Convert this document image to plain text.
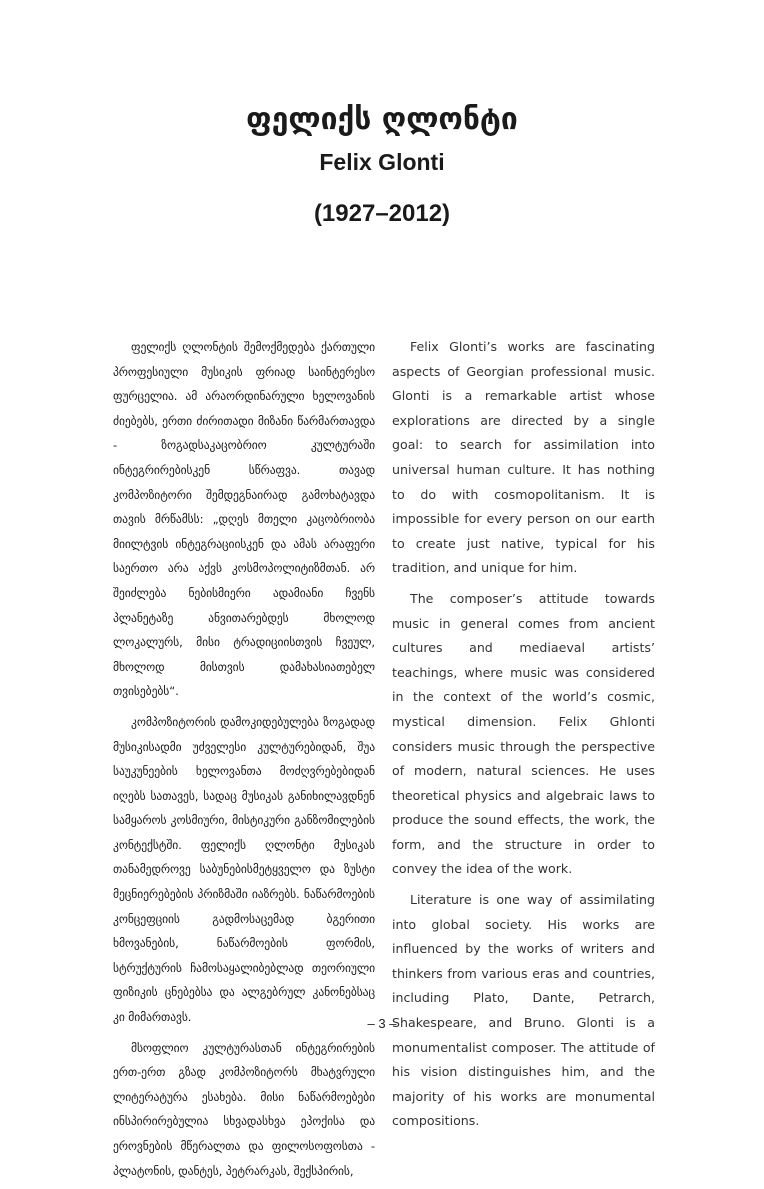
ფელიქს ღლონტი
Felix Glonti
(1927–2012)

ფელიქს ღლონტის შემოქმედება ქართული პროფესიული მუსიკის ფრიად საინტერესო ფურცელია. ამ არაორდინარული ხელოვანის ძიებებს, ერთი ძირითადი მიზანი წარმართავდა - ზოგადსაკაცობრიო კულტურაში ინტეგრირებისკენ სწრაფვა. თავად კომპოზიტორი შემდეგნაირად გამოხატავდა თავის მრწამსს: „დღეს მთელი კაცობრიობა მიილტვის ინტეგრაციისკენ და ამას არაფერი საერთო არა აქვს კოსმოპოლიტიზმთან. არ შეიძლება ნებისმიერი ადამიანი ჩვენს პლანეტაზე ანვითარებდეს მხოლოდ ლოკალურს, მისი ტრადიციისთვის ჩვეულ, მხოლოდ მისთვის დამახასიათებელ თვისებებს“.

კომპოზიტორის დამოკიდებულება ზოგადად მუსიკისადმი უძველესი კულტურებიდან, შუა საუკუნეების ხელოვანთა მოძღვრებებიდან იღებს სათავეს, სადაც მუსიკას განიხილავდნენ სამყაროს კოსმიური, მისტიკური განზომილების კონტექსტში. ფელიქს ღლონტი მუსიკას თანამედროვე საბუნებისმეტყველო და ზუსტი მეცნიერებების პრიზმაში იაზრებს. ნაწარმოების კონცეფციის გადმოსაცემად ბგერითი ხმოვანების, ნაწარმოების ფორმის, სტრუქტურის ჩამოსაყალიბებლად თეორიული ფიზიკის ცნებებსა და ალგებრულ კანონებსაც კი მიმართავს.

მსოფლიო კულტურასთან ინტეგრირების ერთ-ერთ გზად კომპოზიტორს მხატვრული ლიტერატურა ესახება. მისი ნაწარმოებები ინსპირირებულია სხვადასხვა ეპოქისა და ეროვნების მწერალთა და ფილოსოფოსთა - პლატონის, დანტეს, პეტრარკას, შექსპირის,

Felix Glonti’s works are fascinating aspects of Georgian professional music. Glonti is a remarkable artist whose explorations are directed by a single goal: to search for assimilation into universal human culture. It has nothing to do with cosmopolitanism. It is impossible for every person on our earth to create just native, typical for his tradition, and unique for him.

The composer’s attitude towards music in general comes from ancient cultures and mediaeval artists’ teachings, where music was considered in the context of the world’s cosmic, mystical dimension. Felix Ghlonti considers music through the perspective of modern, natural sciences. He uses theoretical physics and algebraic laws to produce the sound effects, the work, the form, and the structure in order to convey the idea of the work.

Literature is one way of assimilating into global society. His works are influenced by the works of writers and thinkers from various eras and countries, including Plato, Dante, Petrarch, Shakespeare, and Bruno. Glonti is a monumentalist composer. The attitude of his vision distinguishes him, and the majority of his works are monumental compositions.

– 3 –
